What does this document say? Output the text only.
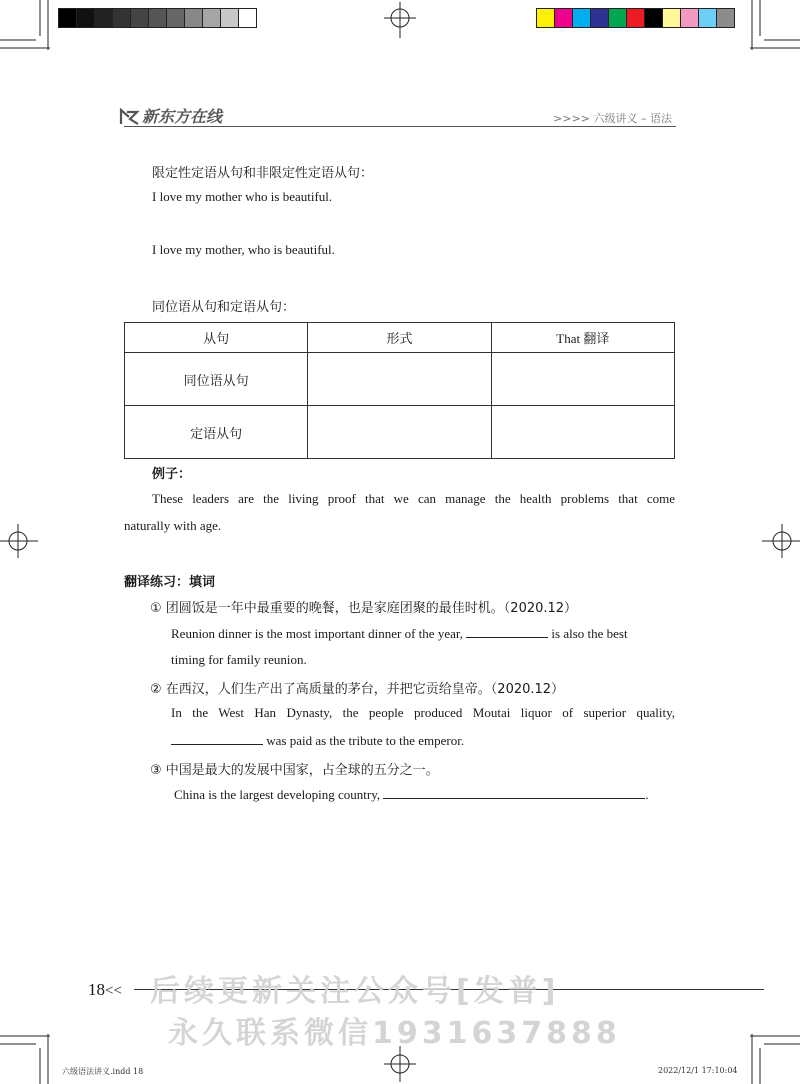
新东方在线	>>>> 六级讲义 – 语法
限定性定语从句和非限定性定语从句：
I love my mother who is beautiful.
I love my mother, who is beautiful.
同位语从句和定语从句：
从句	形式	That 翻译
同位语从句		
定语从句		
例子：
These leaders are the living proof that we can manage the health problems that come
naturally with age.
翻译练习：填词
① 团圆饭是一年中最重要的晚餐，也是家庭团聚的最佳时机。（2020.12）
Reunion dinner is the most important dinner of the year,	is also the best
timing for family reunion.
② 在西汉，人们生产出了高质量的茅台，并把它贡给皇帝。（2020.12）
In the West Han Dynasty, the people produced Moutai liquor of superior quality,
was paid as the tribute to the emperor.
③ 中国是最大的发展中国家，占全球的五分之一。
China is the largest developing country,	.
18<< 后续更新关注公众号[发普]
永久联系微信1931637888
六级语法讲义.indd 18	2022/12/1 17:10:04
